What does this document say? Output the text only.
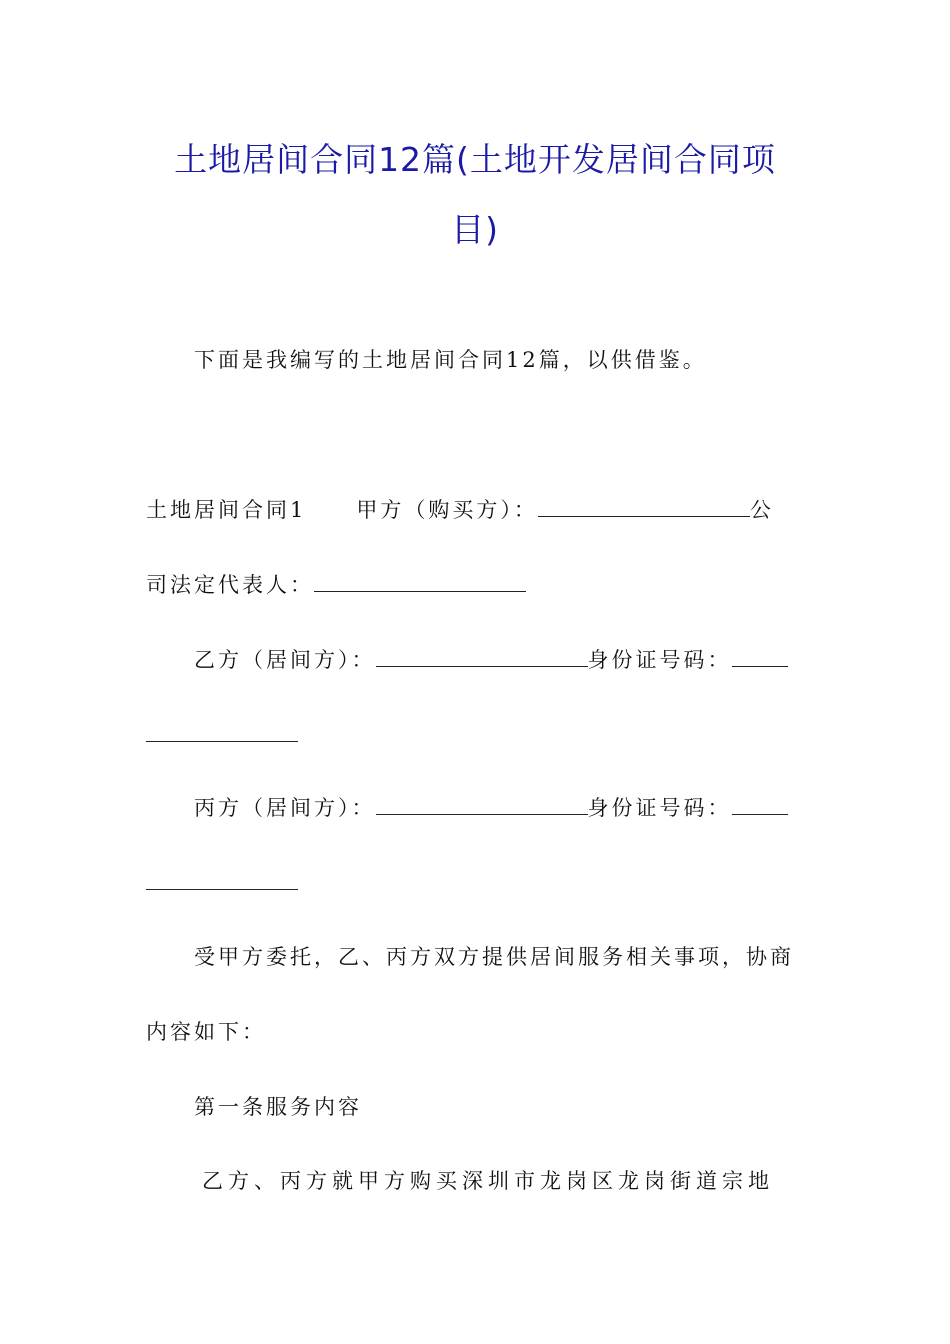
土地居间合同12篇(土地开发居间合同项
目)
下面是我编写的土地居间合同12篇，以供借鉴。
土地居间合同1 甲方（购买方）：	公
司法定代表人：
乙方（居间方）：	身份证号码：
丙方（居间方）：	身份证号码：
受甲方委托，乙、丙方双方提供居间服务相关事项，协商
内容如下：
第一条服务内容
乙方、丙方就甲方购买深圳市龙岗区龙岗街道宗地
